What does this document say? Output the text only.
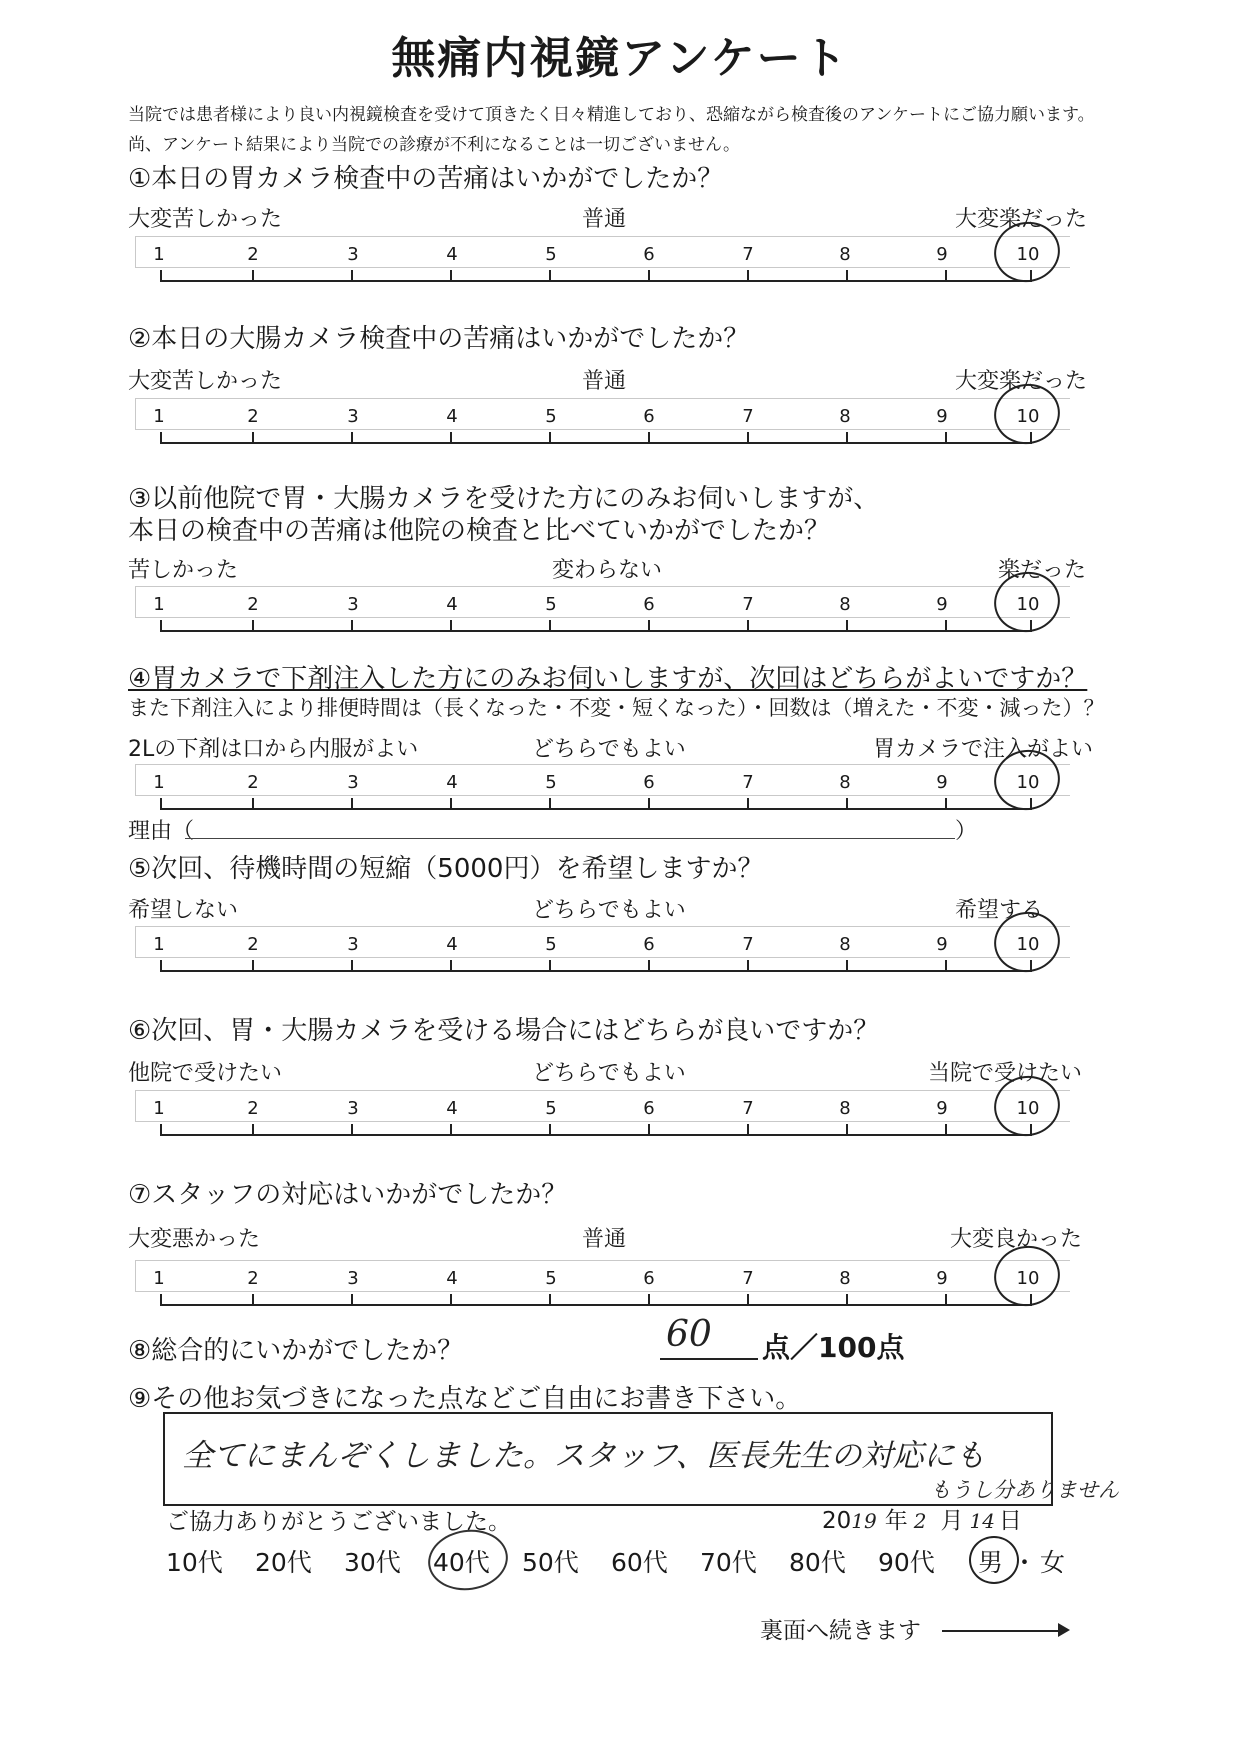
無痛内視鏡アンケート
当院では患者様により良い内視鏡検査を受けて頂きたく日々精進しており、恐縮ながら検査後のアンケートにご協力願います。
尚、アンケート結果により当院での診療が不利になることは一切ございません。
①本日の胃カメラ検査中の苦痛はいかがでしたか？
大変苦しかった	普通	大変楽だった
1	2	3	4	5	6	7	8	9	10
②本日の大腸カメラ検査中の苦痛はいかがでしたか？
大変苦しかった	普通	大変楽だった
1	2	3	4	5	6	7	8	9	10
③以前他院で胃・大腸カメラを受けた方にのみお伺いしますが、
本日の検査中の苦痛は他院の検査と比べていかがでしたか？
苦しかった	変わらない	楽だった
1	2	3	4	5	6	7	8	9	10
④胃カメラで下剤注入した方にのみお伺いしますが、次回はどちらがよいですか？
また下剤注入により排便時間は（長くなった・不変・短くなった）・回数は（増えた・不変・減った）？
2Lの下剤は口から内服がよい	どちらでもよい	胃カメラで注入がよい
1	2	3	4	5	6	7	8	9	10
理由（	）
⑤次回、待機時間の短縮（5000円）を希望しますか？
希望しない	どちらでもよい	希望する
1	2	3	4	5	6	7	8	9	10
⑥次回、胃・大腸カメラを受ける場合にはどちらが良いですか？
他院で受けたい	どちらでもよい	当院で受けたい
1	2	3	4	5	6	7	8	9	10
⑦スタッフの対応はいかがでしたか？
大変悪かった	普通	大変良かった
1	2	3	4	5	6	7	8	9	10
⑧総合的にいかがでしたか？	60 点／100点
⑨その他お気づきになった点などご自由にお書き下さい。
全てにまんぞくしました。スタッフ、医長先生の対応にも
もうし分ありません
ご協力ありがとうございました。	2019 年 2 月 14 日
10代 20代 30代 40代 50代 60代 70代 80代 90代 男 ・ 女
裏面へ続きます
